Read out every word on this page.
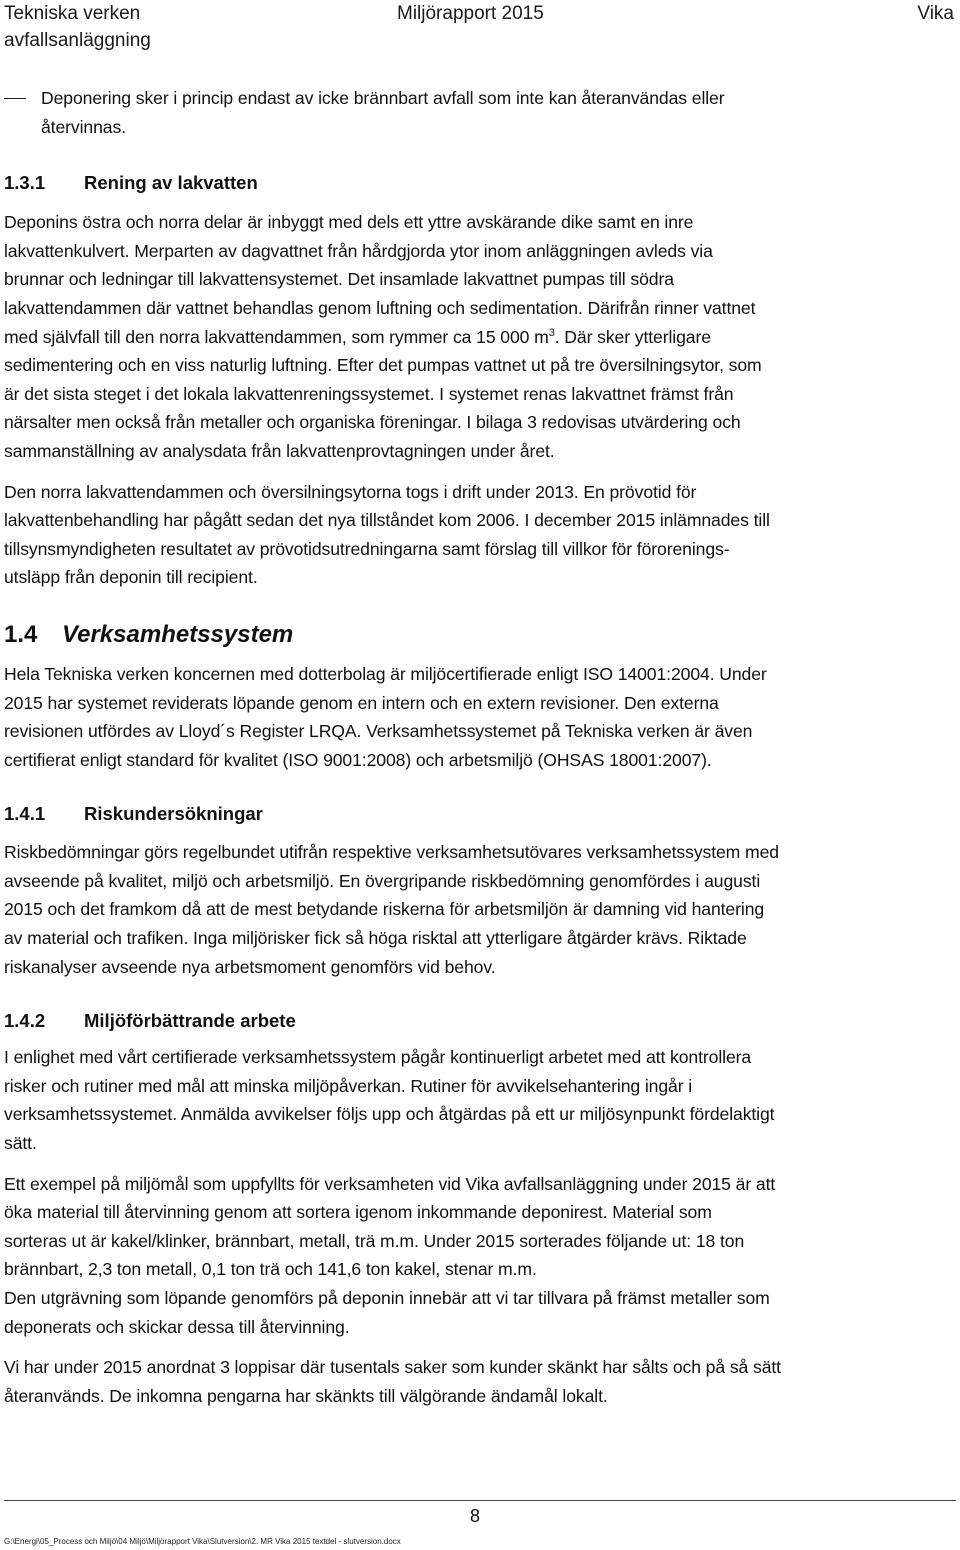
Tekniska verken
avfallsanläggning
Miljörapport 2015	Vika

Deponering sker i princip endast av icke brännbart avfall som inte kan återanvändas eller

återvinnas.

1.3.1 Rening av lakvatten

Deponins östra och norra delar är inbyggt med dels ett yttre avskärande dike samt en inre

lakvattenkulvert. Merparten av dagvattnet från hårdgjorda ytor inom anläggningen avleds via

brunnar och ledningar till lakvattensystemet. Det insamlade lakvattnet pumpas till södra

lakvattendammen där vattnet behandlas genom luftning och sedimentation. Därifrån rinner vattnet

med självfall till den norra lakvattendammen, som rymmer ca 15 000 $m^3$. Där sker ytterligare

sedimentering och en viss naturlig luftning. Efter det pumpas vattnet ut på tre översilningsytor, som

är det sista steget i det lokala lakvattenreningssystemet. I systemet renas lakvattnet främst från

närsalter men också från metaller och organiska föreningar. I bilaga 3 redovisas utvärdering och

sammanställning av analysdata från lakvattenprovtagningen under året.

Den norra lakvattendammen och översilningsytorna togs i drift under 2013. En prövotid för

lakvattenbehandling har pågått sedan det nya tillståndet kom 2006. I december 2015 inlämnades till

tillsynsmyndigheten resultatet av prövotidsutredningarna samt förslag till villkor för förorenings-

utsläpp från deponin till recipient.

1.4 Verksamhetssystem

Hela Tekniska verken koncernen med dotterbolag är miljöcertifierade enligt ISO 14001:2004. Under

2015 har systemet reviderats löpande genom en intern och en extern revisioner. Den externa

revisionen utfördes av Lloyd´s Register LRQA. Verksamhetssystemet på Tekniska verken är även

certifierat enligt standard för kvalitet (ISO 9001:2008) och arbetsmiljö (OHSAS 18001:2007).

1.4.1 Riskundersökningar

Riskbedömningar görs regelbundet utifrån respektive verksamhetsutövares verksamhetssystem med

avseende på kvalitet, miljö och arbetsmiljö. En övergripande riskbedömning genomfördes i augusti

2015 och det framkom då att de mest betydande riskerna för arbetsmiljön är damning vid hantering

av material och trafiken. Inga miljörisker fick så höga risktal att ytterligare åtgärder krävs. Riktade

riskanalyser avseende nya arbetsmoment genomförs vid behov.

1.4.2 Miljöförbättrande arbete

I enlighet med vårt certifierade verksamhetssystem pågår kontinuerligt arbetet med att kontrollera

risker och rutiner med mål att minska miljöpåverkan. Rutiner för avvikelsehantering ingår i

verksamhetssystemet. Anmälda avvikelser följs upp och åtgärdas på ett ur miljösynpunkt fördelaktigt

sätt.

Ett exempel på miljömål som uppfyllts för verksamheten vid Vika avfallsanläggning under 2015 är att

öka material till återvinning genom att sortera igenom inkommande deponirest. Material som

sorteras ut är kakel/klinker, brännbart, metall, trä m.m. Under 2015 sorterades följande ut: 18 ton

brännbart, 2,3 ton metall, 0,1 ton trä och 141,6 ton kakel, stenar m.m.

Den utgrävning som löpande genomförs på deponin innebär att vi tar tillvara på främst metaller som

deponerats och skickar dessa till återvinning.

Vi har under 2015 anordnat 3 loppisar där tusentals saker som kunder skänkt har sålts och på så sätt

återanvänds. De inkomna pengarna har skänkts till välgörande ändamål lokalt.

8
G:\Energi\05_Process och Miljö\04 Miljö\Miljörapport Vika\Slutversion\2. MR Vika 2015 textdel - slutversion.docx
